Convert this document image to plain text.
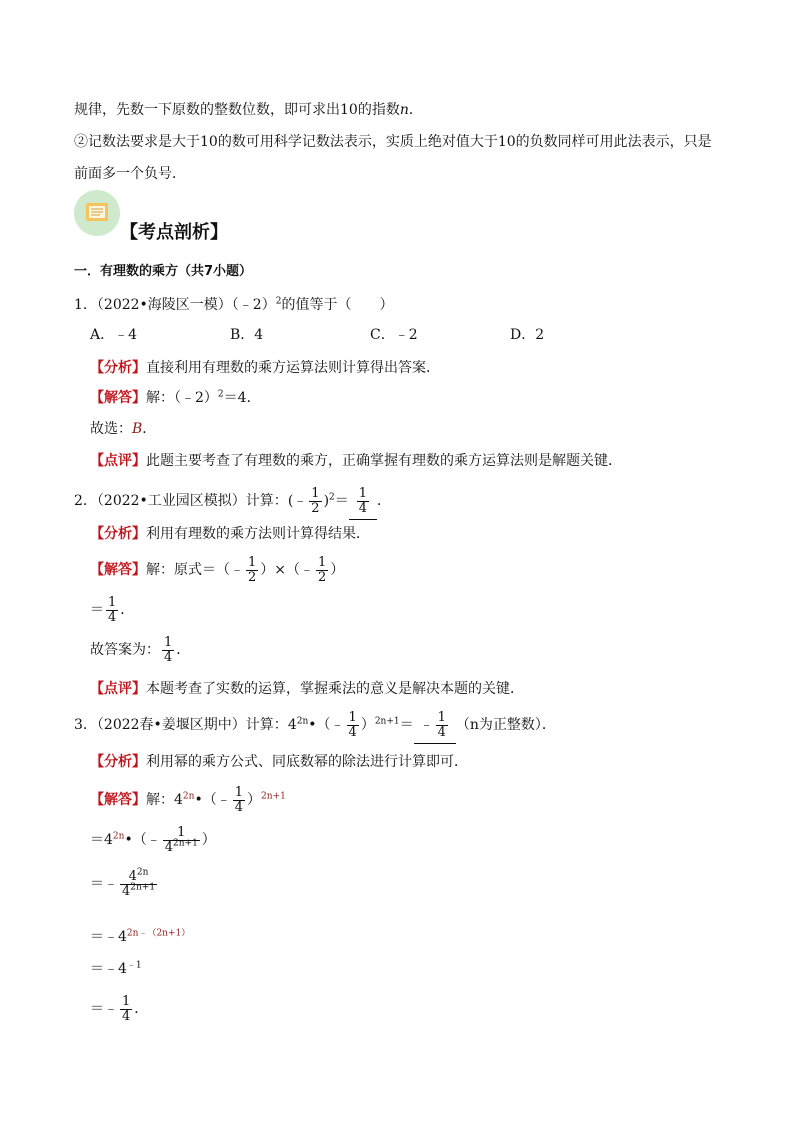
规律，先数一下原数的整数位数，即可求出10的指数n．
②记数法要求是大于10的数可用科学记数法表示，实质上绝对值大于10的负数同样可用此法表示，只是
前面多一个负号．
【考点剖析】
一．有理数的乘方（共7小题）
1．（2022•海陵区一模）（﹣2）$^2$的值等于（　　）
A．﹣4	B．4	C．﹣2	D．2
【分析】直接利用有理数的乘方运算法则计算得出答案．
【解答】解：（﹣2）$^2$＝4．
故选：B．
【点评】此题主要考查了有理数的乘方，正确掌握有理数的乘方运算法则是解题关键．
2．（2022•工业园区模拟）计算：(﹣ $\frac{1}{2} )^2= \frac{1}{4}$ ．
【分析】利用有理数的乘方法则计算得结果．
【解答】解：原式＝（﹣ $\frac{1}{2}$ ）×（﹣ $\frac{1}{2}$ ）
＝ $\frac{1}{4}$ ．
故答案为： $\frac{1}{4}$ ．
【点评】本题考查了实数的运算，掌握乘法的意义是解决本题的关键．
3．（2022春•姜堰区期中）计算：$4^{2n}•(﹣ \frac{1}{4} )^{2n+1}=$ ﹣ $\frac{1}{4} (n$为正整数）．
【分析】利用幂的乘方公式、同底数幂的除法进行计算即可．
【解答】解：$4^{2n}•(﹣ \frac{1}{4} )^{2n+1}$
$=4^{2n}•(﹣ \frac{1}{4^{2n+1}}$ ）
＝﹣ $\frac{4^{2n}}{4^{2n+1}}$
$=﹣4^{2n﹣(2n+1)}$
$=﹣4^{﹣1}$
＝﹣ $\frac{1}{4}$ ．
